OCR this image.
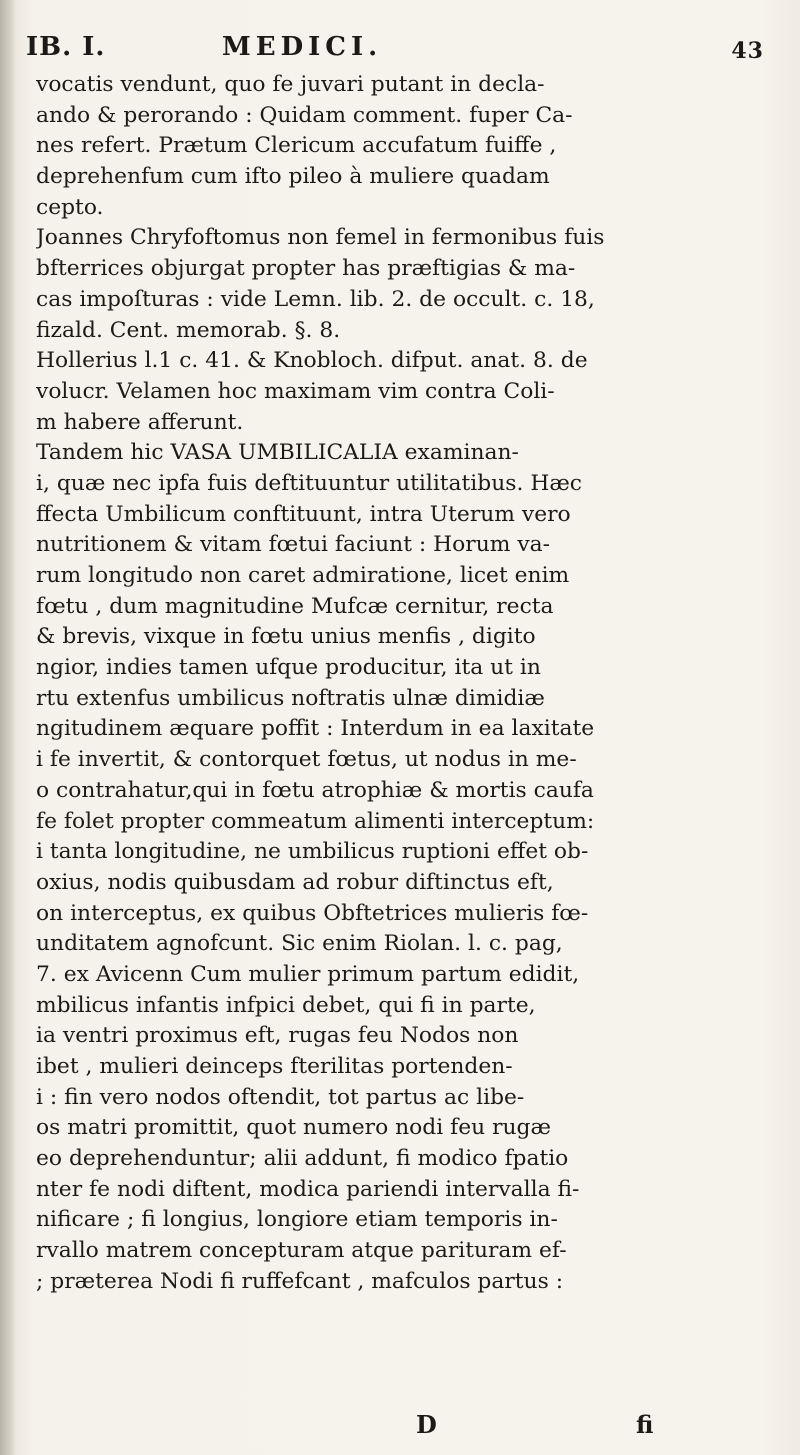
IB. I.	MEDICI.	43
vocatis vendunt, quo fe juvari putant in decla-
ando & perorando : Quidam comment. fuper Ca-
nes refert. Prætum Clericum accufatum fuiffe ,
deprehenfum cum ifto pileo à muliere quadam
cepto.
Joannes Chryfoftomus non femel in fermonibus fuis
bfterrices objurgat propter has præftigias & ma-
cas impoſturas : vide Lemn. lib. 2. de occult. c. 18,
fizald. Cent. memorab. §. 8.
Hollerius l.1 c. 41. & Knobloch. difput. anat. 8. de
volucr. Velamen hoc maximam vim contra Coli-
m habere afferunt.
Tandem hic VASA UMBILICALIA examinan-
i, quæ nec ipfa fuis deftituuntur utilitatibus. Hæc
ffecta Umbilicum conftituunt, intra Uterum vero
nutritionem & vitam fœtui faciunt : Horum va-
rum longitudo non caret admiratione, licet enim
fœtu , dum magnitudine Mufcæ cernitur, recta
& brevis, vixque in fœtu unius menfis , digito
ngior, indies tamen ufque producitur, ita ut in
rtu extenfus umbilicus noftratis ulnæ dimidiæ
ngitudinem æquare poffit : Interdum in ea laxitate
i fe invertit, & contorquet fœtus, ut nodus in me-
o contrahatur,qui in fœtu atrophiæ & mortis caufa
fe folet propter commeatum alimenti interceptum:
i tanta longitudine, ne umbilicus ruptioni effet ob-
oxius, nodis quibusdam ad robur diftinctus eft,
on interceptus, ex quibus Obftetrices mulieris fœ-
unditatem agnofcunt. Sic enim Riolan. l. c. pag,
7. ex Avicenn Cum mulier primum partum edidit,
mbilicus infantis infpici debet, qui fi in parte,
ia ventri proximus eft, rugas feu Nodos non
ibet , mulieri deinceps fterilitas portenden-
i : fin vero nodos oftendit, tot partus ac libe-
os matri promittit, quot numero nodi feu rugæ
eo deprehenduntur; alii addunt, fi modico fpatio
nter fe nodi diftent, modica pariendi intervalla fi-
nificare ; fi longius, longiore etiam temporis in-
rvallo matrem concepturam atque parituram ef-
; præterea Nodi fi ruffefcant , mafculos partus :
D	fi
